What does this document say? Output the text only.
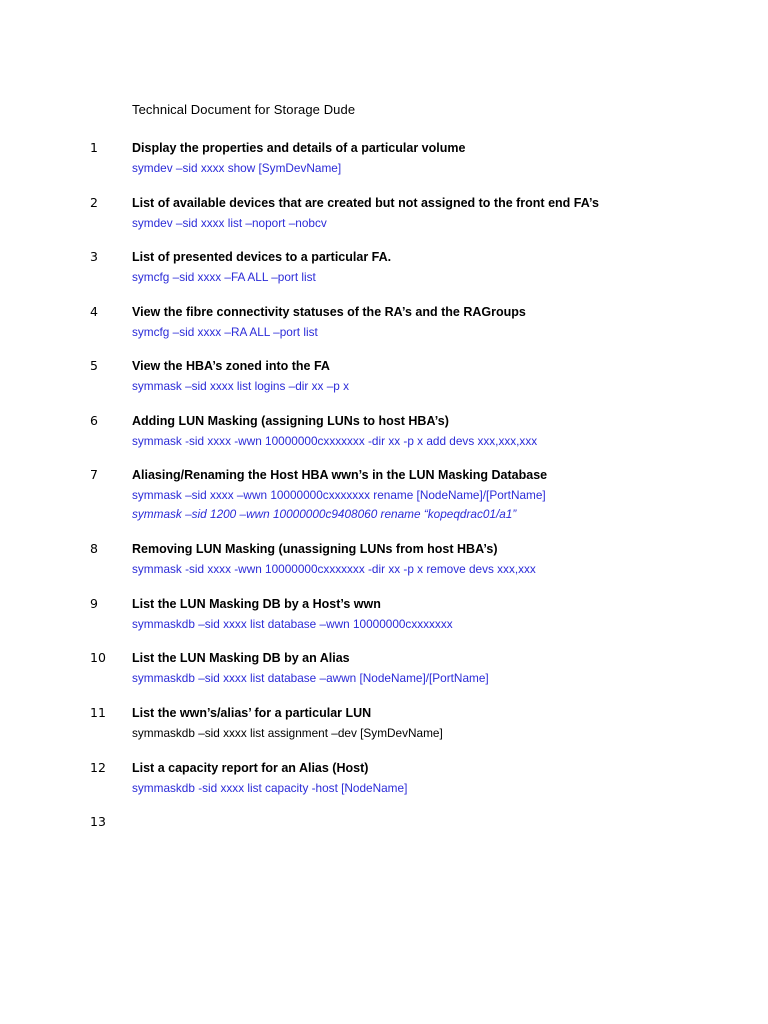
Technical Document for Storage Dude
1	Display the properties and details of a particular volume
symdev –sid xxxx show [SymDevName]
2	List of available devices that are created but not assigned to the front end FA’s
symdev –sid xxxx list –noport –nobcv
3	List of presented devices to a particular FA.
symcfg –sid xxxx –FA ALL –port list
4	View the fibre connectivity statuses of the RA’s and the RAGroups
symcfg –sid xxxx –RA ALL –port list
5	View the HBA’s zoned into the FA
symmask –sid xxxx list logins –dir xx –p x
6	Adding LUN Masking (assigning LUNs to host HBA’s)
symmask -sid xxxx -wwn 10000000cxxxxxxx -dir xx -p x add devs xxx,xxx,xxx
7	Aliasing/Renaming the Host HBA wwn’s in the LUN Masking Database
symmask –sid xxxx –wwn 10000000cxxxxxxx rename [NodeName]/[PortName]
symmask –sid 1200 –wwn 10000000c9408060 rename “kopeqdrac01/a1”
8	Removing LUN Masking (unassigning LUNs from host HBA’s)
symmask -sid xxxx -wwn 10000000cxxxxxxx -dir xx -p x remove devs xxx,xxx
9	List the LUN Masking DB by a Host’s wwn
symmaskdb –sid xxxx list database –wwn 10000000cxxxxxxx
10	List the LUN Masking DB by an Alias
symmaskdb –sid xxxx list database –awwn [NodeName]/[PortName]
11	List the wwn’s/alias’ for a particular LUN
symmaskdb –sid xxxx list assignment –dev [SymDevName]
12	List a capacity report for an Alias (Host)
symmaskdb -sid xxxx list capacity -host [NodeName]
13
